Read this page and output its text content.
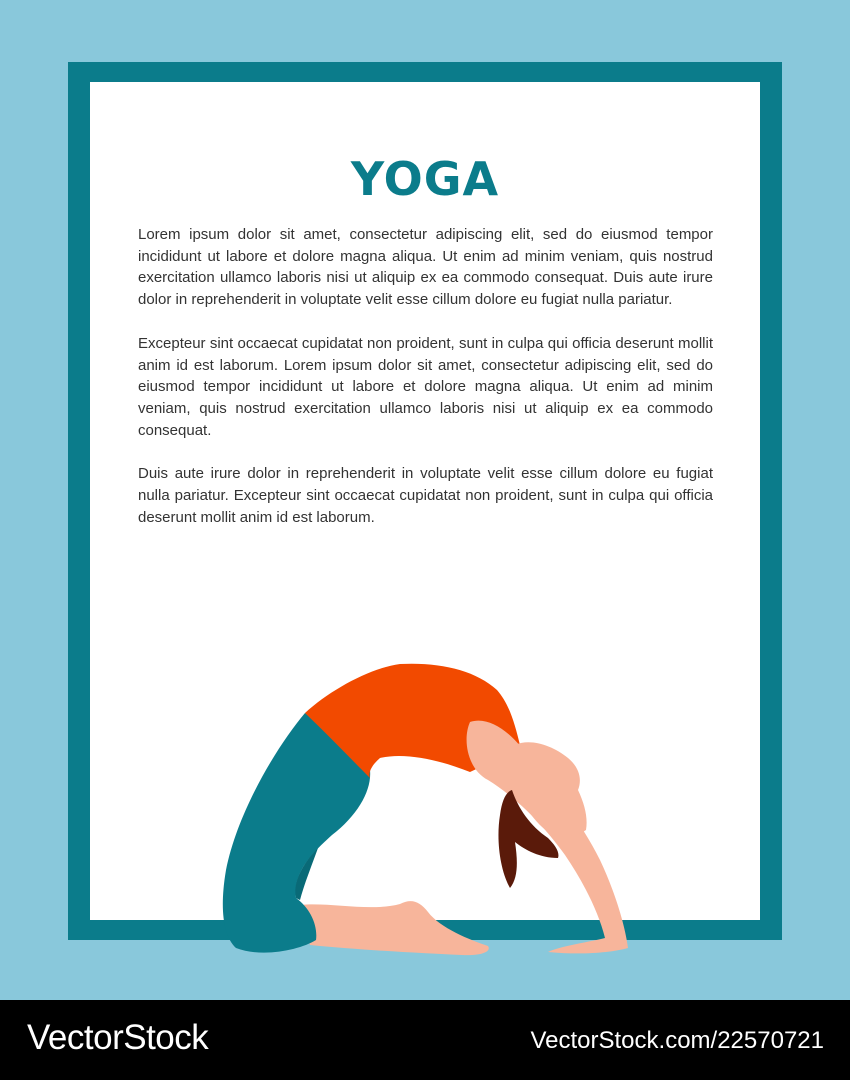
YOGA

Lorem ipsum dolor sit amet, consectetur adipiscing elit, sed do eiusmod tempor incididunt ut labore et dolore magna aliqua. Ut enim ad minim veniam, quis nostrud exercitation ullamco laboris nisi ut aliquip ex ea commodo consequat. Duis aute irure dolor in reprehenderit in voluptate velit esse cillum dolore eu fugiat nulla pariatur.

Excepteur sint occaecat cupidatat non proident, sunt in culpa qui officia deserunt mollit anim id est laborum. Lorem ipsum dolor sit amet, consectetur adipiscing elit, sed do eiusmod tempor incididunt ut labore et dolore magna aliqua. Ut enim ad minim veniam, quis nostrud exercitation ullamco laboris nisi ut aliquip ex ea commodo consequat.

Duis aute irure dolor in reprehenderit in voluptate velit esse cillum dolore eu fugiat nulla pariatur. Excepteur sint occaecat cupidatat non proident, sunt in culpa qui officia deserunt mollit anim id est laborum.

VectorStock	VectorStock.com/22570721
